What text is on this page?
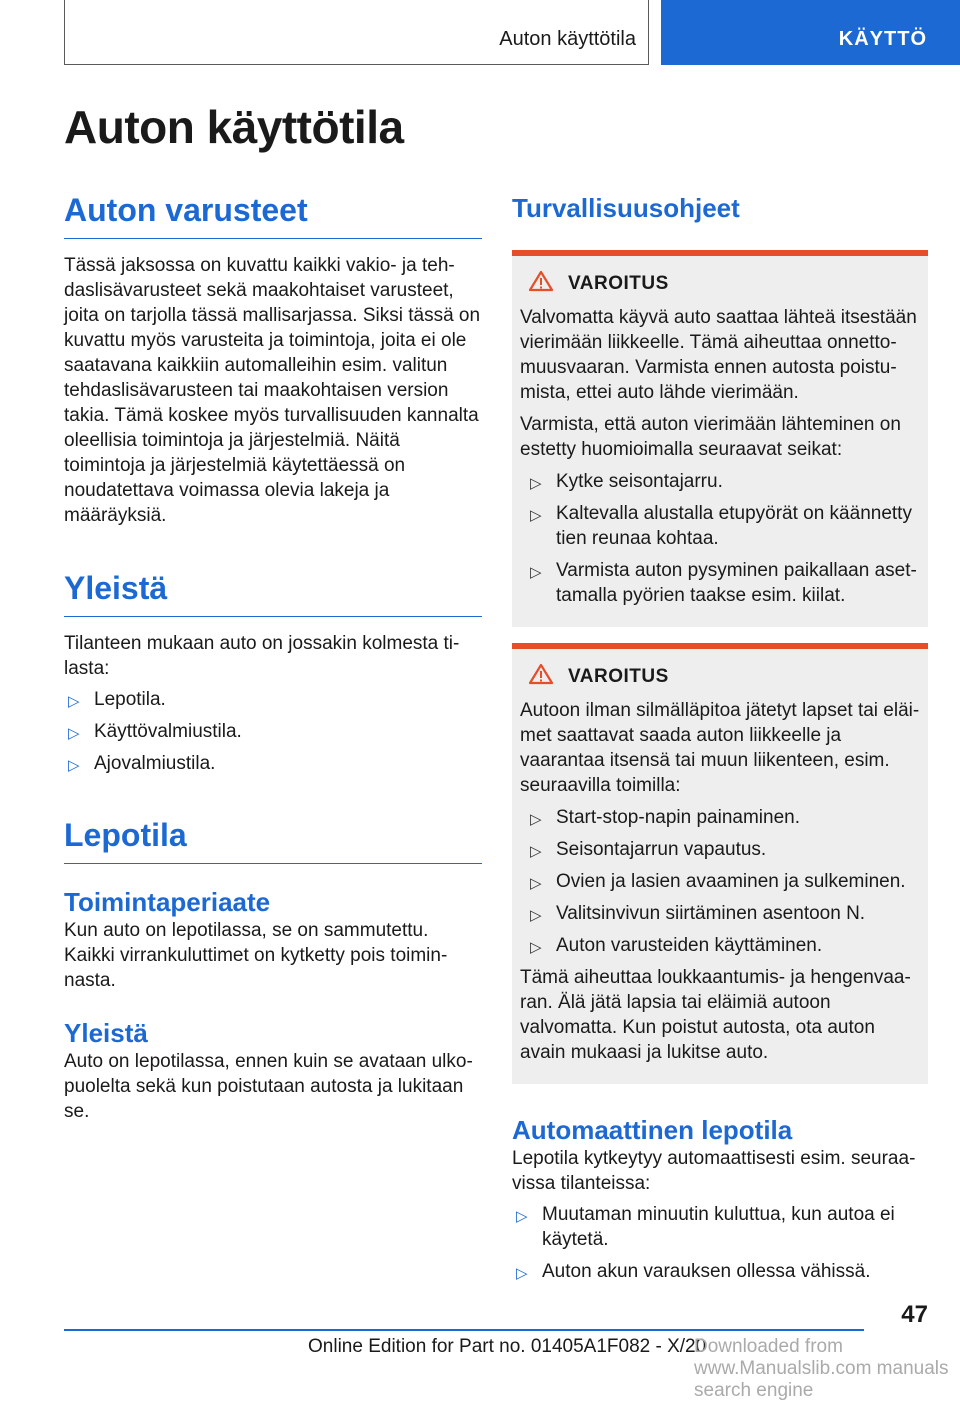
Auton käyttötila	KÄYTTÖ
Auton käyttötila
Auton varusteet

Tässä jaksossa on kuvattu kaikki vakio- ja tehdaslisävarusteet sekä maakohtaiset varusteet, joita on tarjolla tässä mallisarjassa. Siksi tässä on kuvattu myös varusteita ja toimintoja, joita ei ole saatavana kaikkiin automalleihin esim. valitun tehdaslisävarusteen tai maakohtaisen version takia. Tämä koskee myös turvallisuuden kannalta oleellisia toimintoja ja järjestelmiä. Näitä toimintoja ja järjestelmiä käytettäessä on noudatettava voimassa olevia lakeja ja määräyksiä.

Yleistä

Tilanteen mukaan auto on jossakin kolmesta tilasta:

▷ Lepotila.
▷ Käyttövalmiustila.
▷ Ajovalmiustila.
Lepotila
Toimintaperiaate

Kun auto on lepotilassa, se on sammutettu. Kaikki virrankuluttimet on kytketty pois toiminnasta.

Yleistä

Auto on lepotilassa, ennen kuin se avataan ulkopuolelta sekä kun poistutaan autosta ja lukitaan se.

Turvallisuusohjeet
VAROITUS

Valvomatta käyvä auto saattaa lähteä itsestään vierimään liikkeelle. Tämä aiheuttaa onnettomuusvaaran. Varmista ennen autosta poistumista, ettei auto lähde vierimään.

Varmista, että auton vierimään lähteminen on estetty huomioimalla seuraavat seikat:

▷ Kytke seisontajarru.
▷ Kaltevalla alustalla etupyörät on käännetty tien reunaa kohtaa.
▷ Varmista auton pysyminen paikallaan asettamalla pyörien taakse esim. kiilat.
VAROITUS

Autoon ilman silmälläpitoa jätetyt lapset tai eläimet saattavat saada auton liikkeelle ja vaarantaa itsensä tai muun liikenteen, esim. seuraavilla toimilla:

▷ Start-stop-napin painaminen.
▷ Seisontajarrun vapautus.
▷ Ovien ja lasien avaaminen ja sulkeminen.
▷ Valitsinvivun siirtäminen asentoon N.
▷ Auton varusteiden käyttäminen.

Tämä aiheuttaa loukkaantumis- ja hengenvaaran. Älä jätä lapsia tai eläimiä autoon valvomatta. Kun poistut autosta, ota auton avain mukaasi ja lukitse auto.

Automaattinen lepotila

Lepotila kytkeytyy automaattisesti esim. seuraavissa tilanteissa:

▷ Muutaman minuutin kuluttua, kun autoa ei käytetä.
▷ Auton akun varauksen ollessa vähissä.
47
Online Edition for Part no. 01405A1F082 - X/20
Downloaded from www.Manualslib.com manuals search engine
